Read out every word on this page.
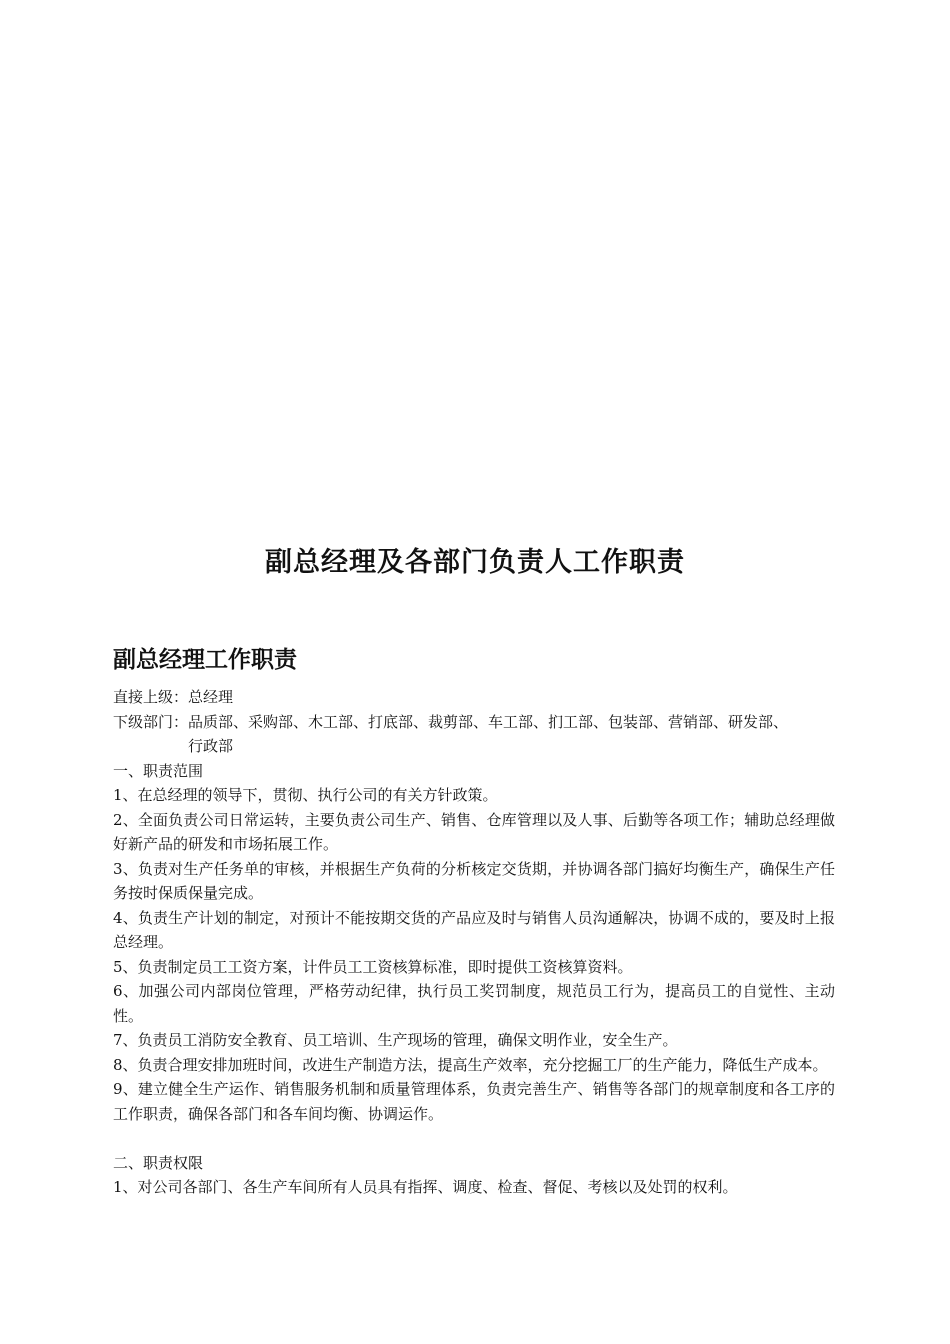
副总经理及各部门负责人工作职责
副总经理工作职责
直接上级： 总经理
下级部门： 品质部、采购部、木工部、打底部、裁剪部、车工部、扪工部、包装部、营销部、研发部、行政部

一、职责范围

1、在总经理的领导下，贯彻、执行公司的有关方针政策。

2、全面负责公司日常运转，主要负责公司生产、销售、仓库管理以及人事、后勤等各项工作；辅助总经理做好新产品的研发和市场拓展工作。

3、负责对生产任务单的审核，并根据生产负荷的分析核定交货期，并协调各部门搞好均衡生产，确保生产任务按时保质保量完成。

4、负责生产计划的制定，对预计不能按期交货的产品应及时与销售人员沟通解决，协调不成的，要及时上报总经理。

5、负责制定员工工资方案，计件员工工资核算标准，即时提供工资核算资料。

6、加强公司内部岗位管理，严格劳动纪律，执行员工奖罚制度，规范员工行为，提高员工的自觉性、主动性。

7、负责员工消防安全教育、员工培训、生产现场的管理，确保文明作业，安全生产。

8、负责合理安排加班时间，改进生产制造方法，提高生产效率，充分挖掘工厂的生产能力，降低生产成本。

9、建立健全生产运作、销售服务机制和质量管理体系，负责完善生产、销售等各部门的规章制度和各工序的工作职责，确保各部门和各车间均衡、协调运作。

二、职责权限

1、对公司各部门、各生产车间所有人员具有指挥、调度、检查、督促、考核以及处罚的权利。
